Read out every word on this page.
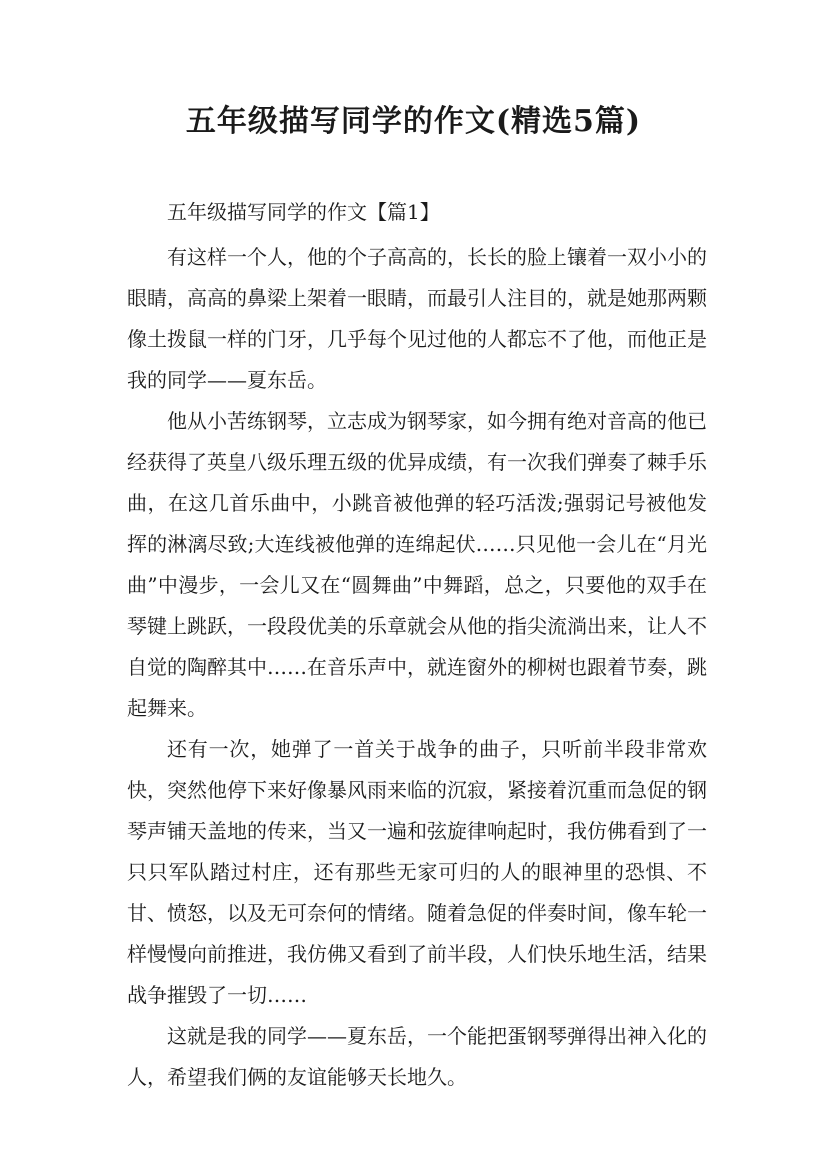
五年级描写同学的作文(精选5篇)
五年级描写同学的作文【篇1】

有这样一个人，他的个子高高的，长长的脸上镶着一双小小的眼睛，高高的鼻梁上架着一眼睛，而最引人注目的，就是她那两颗像土拨鼠一样的门牙，几乎每个见过他的人都忘不了他，而他正是我的同学——夏东岳。

他从小苦练钢琴，立志成为钢琴家，如今拥有绝对音高的他已经获得了英皇八级乐理五级的优异成绩，有一次我们弹奏了棘手乐曲，在这几首乐曲中，小跳音被他弹的轻巧活泼;强弱记号被他发挥的淋漓尽致;大连线被他弹的连绵起伏……只见他一会儿在“月光曲”中漫步，一会儿又在“圆舞曲”中舞蹈，总之，只要他的双手在琴键上跳跃，一段段优美的乐章就会从他的指尖流淌出来，让人不自觉的陶醉其中……在音乐声中，就连窗外的柳树也跟着节奏，跳起舞来。

还有一次，她弹了一首关于战争的曲子，只听前半段非常欢快，突然他停下来好像暴风雨来临的沉寂，紧接着沉重而急促的钢琴声铺天盖地的传来，当又一遍和弦旋律响起时，我仿佛看到了一只只军队踏过村庄，还有那些无家可归的人的眼神里的恐惧、不甘、愤怒，以及无可奈何的情绪。随着急促的伴奏时间，像车轮一样慢慢向前推进，我仿佛又看到了前半段，人们快乐地生活，结果战争摧毁了一切……

这就是我的同学——夏东岳，一个能把蛋钢琴弹得出神入化的人，希望我们俩的友谊能够天长地久。
